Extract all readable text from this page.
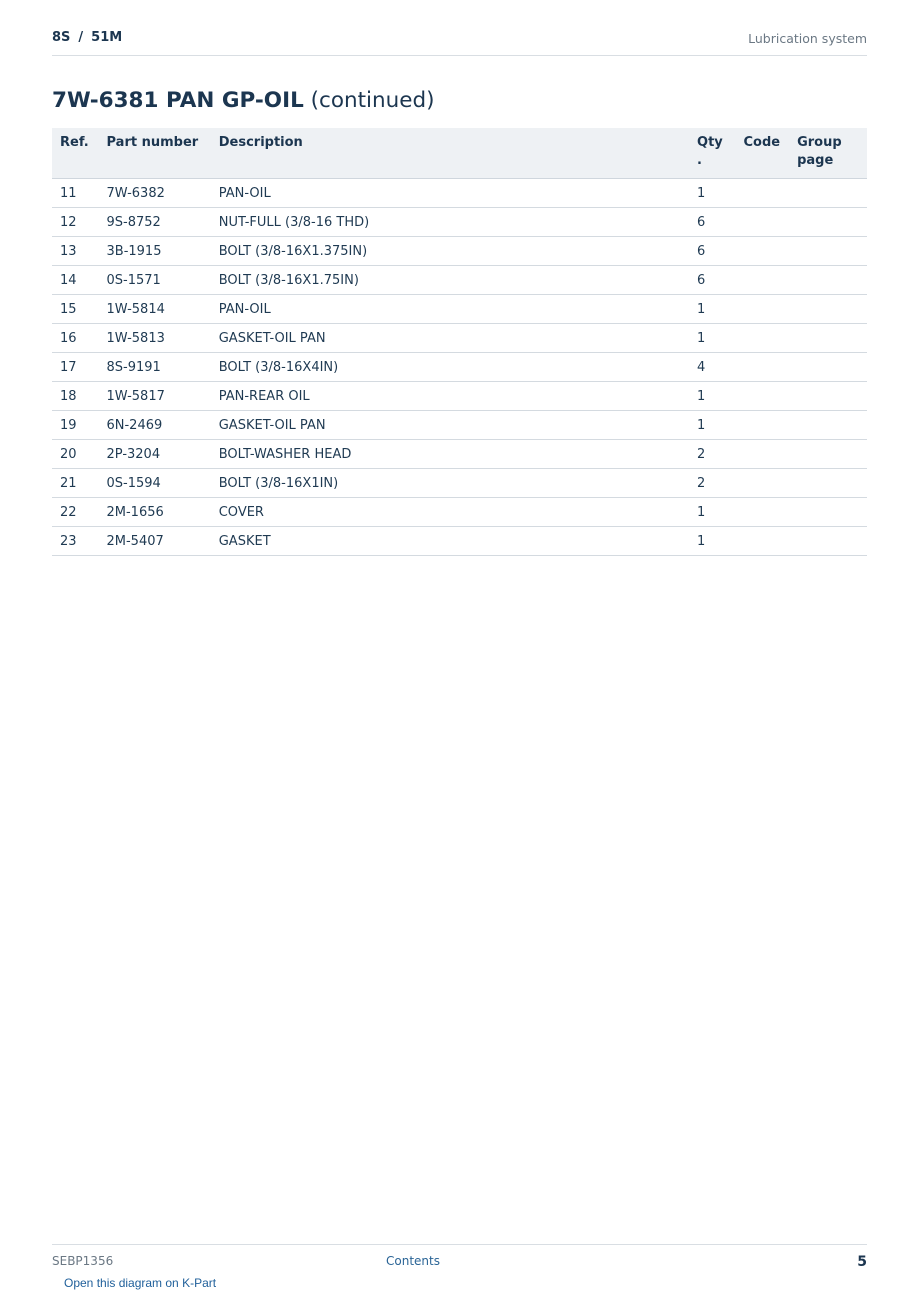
8S / 51M	Lubrication system
7W-6381 PAN GP-OIL (continued)
Ref.	Part number	Description	Qty .	Code	Group page
11	7W-6382	PAN-OIL	1		
12	9S-8752	NUT-FULL (3/8-16 THD)	6		
13	3B-1915	BOLT (3/8-16X1.375IN)	6		
14	0S-1571	BOLT (3/8-16X1.75IN)	6		
15	1W-5814	PAN-OIL	1		
16	1W-5813	GASKET-OIL PAN	1		
17	8S-9191	BOLT (3/8-16X4IN)	4		
18	1W-5817	PAN-REAR OIL	1		
19	6N-2469	GASKET-OIL PAN	1		
20	2P-3204	BOLT-WASHER HEAD	2		
21	0S-1594	BOLT (3/8-16X1IN)	2		
22	2M-1656	COVER	1		
23	2M-5407	GASKET	1		
SEBP1356	Contents	5
Open this diagram on K-Part
